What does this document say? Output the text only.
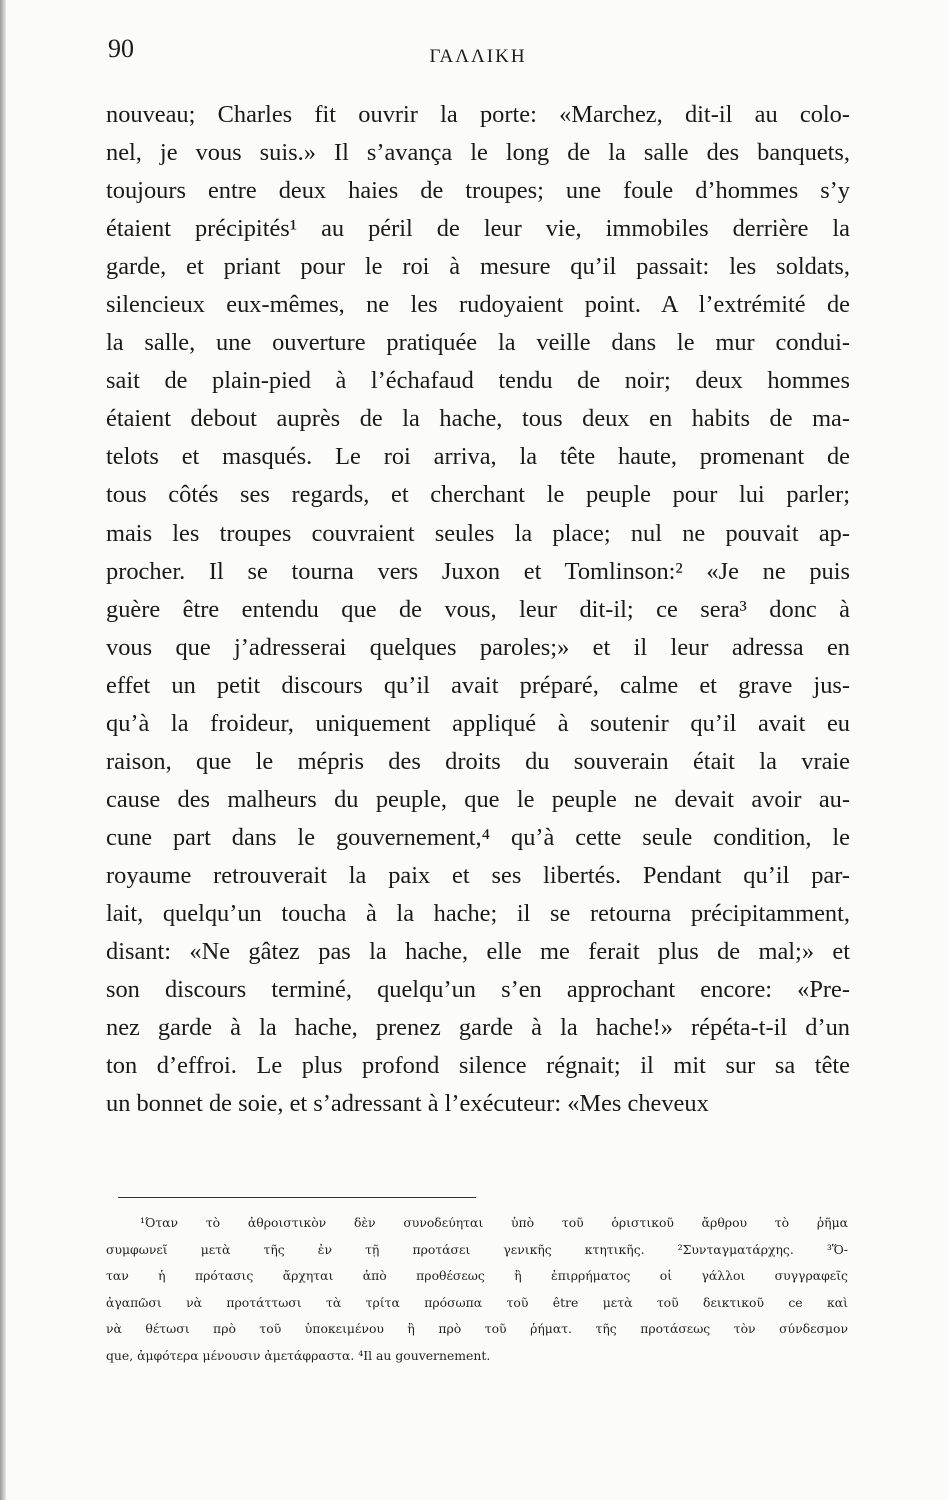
90	ΓΑΛΛΙΚΗ
nouveau; Charles fit ouvrir la porte: «Marchez, dit-il au colo-
nel, je vous suis.» Il s’avança le long de la salle des banquets,
toujours entre deux haies de troupes; une foule d’hommes s’y
étaient précipités¹ au péril de leur vie, immobiles derrière la
garde, et priant pour le roi à mesure qu’il passait: les soldats,
silencieux eux-mêmes, ne les rudoyaient point. A l’extrémité de
la salle, une ouverture pratiquée la veille dans le mur condui-
sait de plain-pied à l’échafaud tendu de noir; deux hommes
étaient debout auprès de la hache, tous deux en habits de ma-
telots et masqués. Le roi arriva, la tête haute, promenant de
tous côtés ses regards, et cherchant le peuple pour lui parler;
mais les troupes couvraient seules la place; nul ne pouvait ap-
procher. Il se tourna vers Juxon et Tomlinson:² «Je ne puis
guère être entendu que de vous, leur dit-il; ce sera³ donc à
vous que j’adresserai quelques paroles;» et il leur adressa en
effet un petit discours qu’il avait préparé, calme et grave jus-
qu’à la froideur, uniquement appliqué à soutenir qu’il avait eu
raison, que le mépris des droits du souverain était la vraie
cause des malheurs du peuple, que le peuple ne devait avoir au-
cune part dans le gouvernement,⁴ qu’à cette seule condition, le
royaume retrouverait la paix et ses libertés. Pendant qu’il par-
lait, quelqu’un toucha à la hache; il se retourna précipitamment,
disant: «Ne gâtez pas la hache, elle me ferait plus de mal;» et
son discours terminé, quelqu’un s’en approchant encore: «Pre-
nez garde à la hache, prenez garde à la hache!» répéta-t-il d’un
ton d’effroi. Le plus profond silence régnait; il mit sur sa tête
un bonnet de soie, et s’adressant à l’exécuteur: «Mes cheveux
¹Όταν τὸ ἀθροιστικὸν δὲν συνοδεύηται ὑπὸ τοῦ ὁριστικοῦ ἄρθρου τὸ ῥῆμα
συμφωνεῖ μετὰ τῆς ἐν τῇ προτάσει γενικῆς κτητικῆς. ²Συνταγματάρχης. ³Ὅ-
ταν ἡ πρότασις ἄρχηται ἀπὸ προθέσεως ἢ ἐπιρρήματος οἱ γάλλοι συγγραφεῖς
ἀγαπῶσι νὰ προτάττωσι τὰ τρίτα πρόσωπα τοῦ être μετὰ τοῦ δεικτικοῦ ce καὶ
νὰ θέτωσι πρὸ τοῦ ὑποκειμένου ἢ πρὸ τοῦ ῥήματ. τῆς προτάσεως τὸν σύνδεσμον
que, ἀμφότερα μένουσιν ἀμετάφραστα. ⁴Il au gouvernement.
